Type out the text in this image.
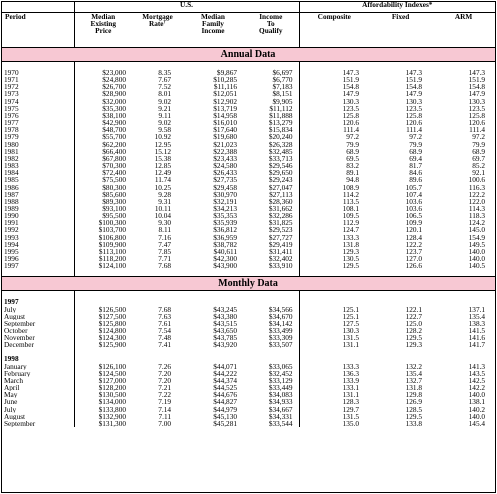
	U.S.				Affordability Indexes*		
Period	Median
Existing
Price	Mortgage
Rate†	Median
Family
Income	Income
To
Qualify	Composite	Fixed	ARM
Annual Data							

1970	$23,000	8.35	$9,867	$6,697	147.3	147.3	147.3
1971	$24,800	7.67	$10,285	$6,770	151.9	151.9	151.9
1972	$26,700	7.52	$11,116	$7,183	154.8	154.8	154.8
1973	$28,900	8.01	$12,051	$8,151	147.9	147.9	147.9
1974	$32,000	9.02	$12,902	$9,905	130.3	130.3	130.3
1975	$35,300	9.21	$13,719	$11,112	123.5	123.5	123.5
1976	$38,100	9.11	$14,958	$11,888	125.8	125.8	125.8
1977	$42,900	9.02	$16,010	$13,279	120.6	120.6	120.6
1978	$48,700	9.58	$17,640	$15,834	111.4	111.4	111.4
1979	$55,700	10.92	$19,680	$20,240	97.2	97.2	97.2
1980	$62,200	12.95	$21,023	$26,328	79.9	79.9	79.9
1981	$66,400	15.12	$22,388	$32,485	68.9	68.9	68.9
1982	$67,800	15.38	$23,433	$33,713	69.5	69.4	69.7
1983	$70,300	12.85	$24,580	$29,546	83.2	81.7	85.2
1984	$72,400	12.49	$26,433	$29,650	89.1	84.6	92.1
1985	$75,500	11.74	$27,735	$29,243	94.8	89.6	100.6
1986	$80,300	10.25	$29,458	$27,047	108.9	105.7	116.3
1987	$85,600	9.28	$30,970	$27,113	114.2	107.4	122.2
1988	$89,300	9.31	$32,191	$28,360	113.5	103.6	122.0
1989	$93,100	10.11	$34,213	$31,662	108.1	103.6	114.3
1990	$95,500	10.04	$35,353	$32,286	109.5	106.5	118.3
1991	$100,300	9.30	$35,939	$31,825	112.9	109.9	124.2
1992	$103,700	8.11	$36,812	$29,523	124.7	120.1	145.0
1993	$106,800	7.16	$36,959	$27,727	133.3	128.4	154.9
1994	$109,900	7.47	$38,782	$29,419	131.8	122.2	149.5
1995	$113,100	7.85	$40,611	$31,411	129.3	123.7	140.0
1996	$118,200	7.71	$42,300	$32,402	130.5	127.0	140.0
1997	$124,100	7.68	$43,900	$33,910	129.5	126.6	140.5

Monthly Data							

1997							
July	$126,500	7.68	$43,245	$34,566	125.1	122.1	137.1
August	$127,500	7.63	$43,380	$34,670	125.1	122.7	135.4
September	$125,800	7.61	$43,515	$34,142	127.5	125.0	138.3
October	$124,800	7.54	$43,650	$33,499	130.3	128.2	141.5
November	$124,300	7.48	$43,785	$33,309	131.5	129.5	141.6
December	$125,900	7.41	$43,920	$33,507	131.1	129.3	141.7

1998							
January	$126,100	7.26	$44,071	$33,065	133.3	132.2	141.3
February	$124,500	7.20	$44,222	$32,452	136.3	135.4	143.5
March	$127,000	7.20	$44,374	$33,129	133.9	132.7	142.5
April	$128,200	7.21	$44,525	$33,449	133.1	131.8	142.2
May	$130,500	7.22	$44,676	$34,083	131.1	129.8	140.0
June	$134,000	7.19	$44,827	$34,933	128.3	126.9	138.1
July	$133,800	7.14	$44,979	$34,667	129.7	128.5	140.2
August	$132,900	7.11	$45,130	$34,331	131.5	129.5	140.0
September	$131,300	7.00	$45,281	$33,544	135.0	133.8	145.4
